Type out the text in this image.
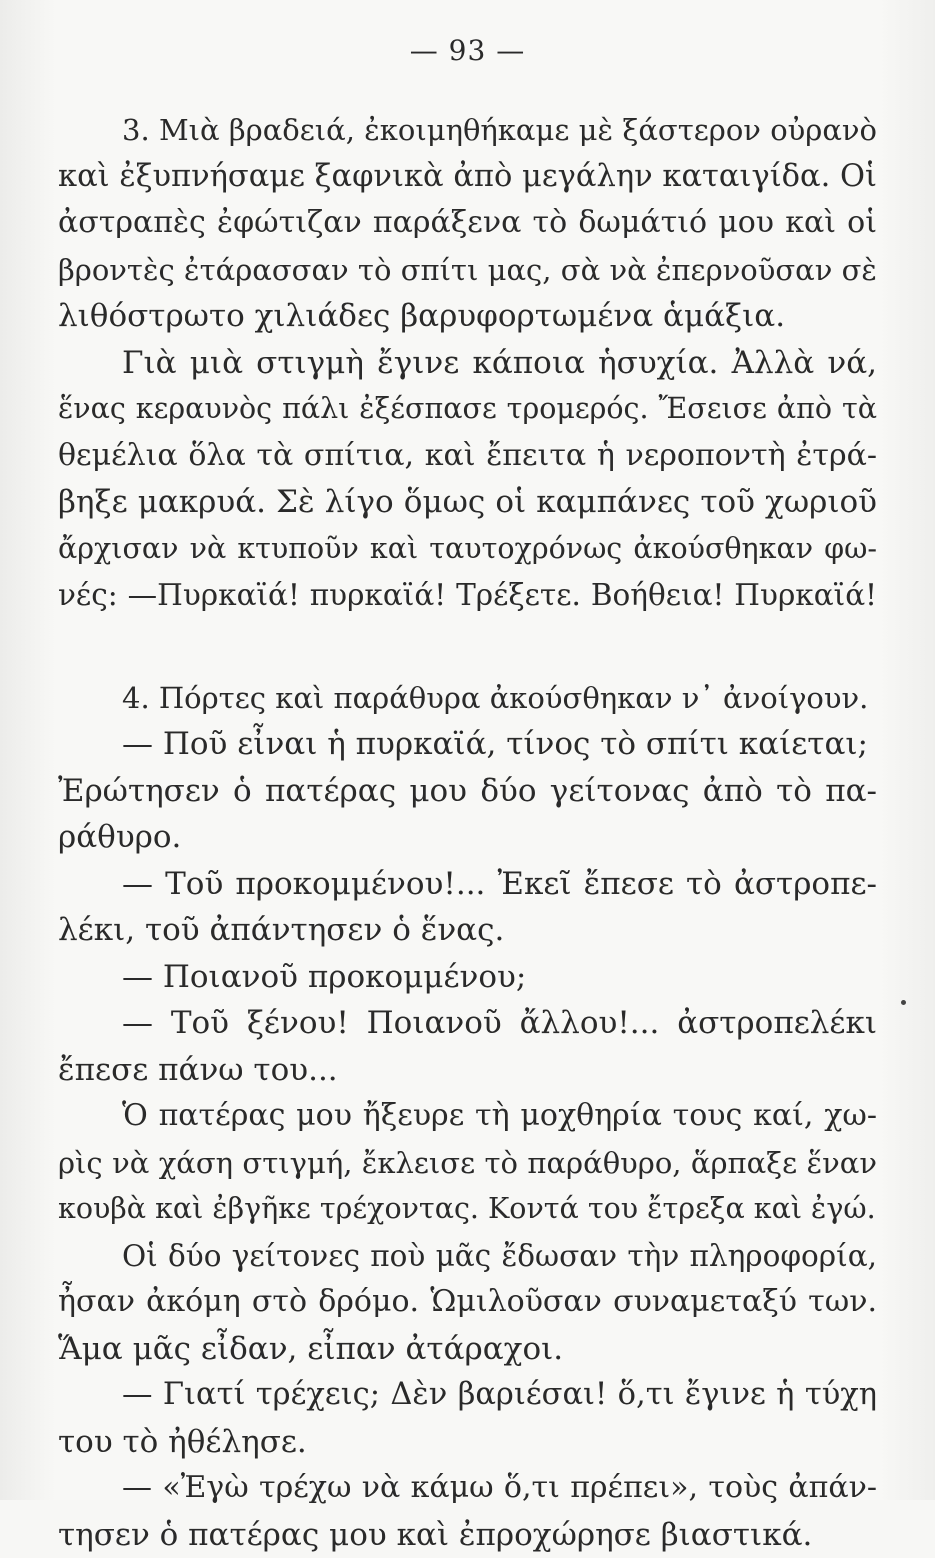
— 93 —
3. Μιὰ βραδειά, ἐκοιμηθήκαμε μὲ ξάστερον οὐρανὸ
καὶ ἐξυπνήσαμε ξαφνικὰ ἀπὸ μεγάλην καταιγίδα. Οἱ
ἀστραπὲς ἐφώτιζαν παράξενα τὸ δωμάτιό μου καὶ οἱ
βροντὲς ἐτάρασσαν τὸ σπίτι μας, σὰ νὰ ἐπερνοῦσαν σὲ
λιθόστρωτο χιλιάδες βαρυφορτωμένα ἁμάξια.
Γιὰ μιὰ στιγμὴ ἔγινε κάποια ἡσυχία. Ἀλλὰ νά,
ἕνας κεραυνὸς πάλι ἐξέσπασε τρομερός. Ἔσεισε ἀπὸ τὰ
θεμέλια ὅλα τὰ σπίτια, καὶ ἔπειτα ἡ νεροποντὴ ἐτρά-
βηξε μακρυά. Σὲ λίγο ὅμως οἱ καμπάνες τοῦ χωριοῦ
ἄρχισαν νὰ κτυποῦν καὶ ταυτοχρόνως ἀκούσθηκαν φω-
νές: —Πυρκαϊά! πυρκαϊά! Τρέξετε. Βοήθεια! Πυρκαϊά!
4. Πόρτες καὶ παράθυρα ἀκούσθηκαν ν᾽ ἀνοίγουν.
— Ποῦ εἶναι ἡ πυρκαϊά, τίνος τὸ σπίτι καίεται;
Ἐρώτησεν ὁ πατέρας μου δύο γείτονας ἀπὸ τὸ πα-
ράθυρο.
— Τοῦ προκομμένου!... Ἐκεῖ ἔπεσε τὸ ἀστροπε-
λέκι, τοῦ ἀπάντησεν ὁ ἕνας.
— Ποιανοῦ προκομμένου;
— Τοῦ ξένου! Ποιανοῦ ἄλλου!... ἀστροπελέκι
ἔπεσε πάνω του...
Ὁ πατέρας μου ἤξευρε τὴ μοχθηρία τους καί, χω-
ρὶς νὰ χάση στιγμή, ἔκλεισε τὸ παράθυρο, ἅρπαξε ἕναν
κουβὰ καὶ ἐβγῆκε τρέχοντας. Κοντά του ἔτρεξα καὶ ἐγώ.
Οἱ δύο γείτονες ποὺ μᾶς ἔδωσαν τὴν πληροφορία,
ἦσαν ἀκόμη στὸ δρόμο. Ὡμιλοῦσαν συναμεταξύ των.
Ἅμα μᾶς εἶδαν, εἶπαν ἀτάραχοι.
— Γιατί τρέχεις; Δὲν βαριέσαι! ὅ,τι ἔγινε ἡ τύχη
του τὸ ἠθέλησε.
— «Ἐγὼ τρέχω νὰ κάμω ὅ,τι πρέπει», τοὺς ἀπάν-
τησεν ὁ πατέρας μου καὶ ἐπροχώρησε βιαστικά.
